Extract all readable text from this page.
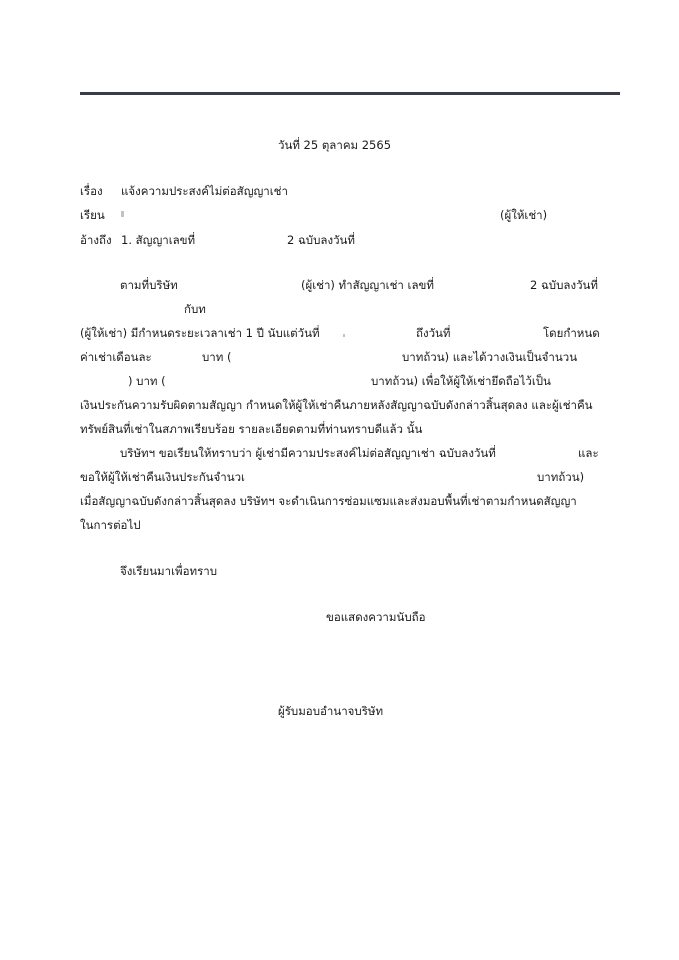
วันที่ 25 ตุลาคม 2565
เรื่อง แจ้งความประสงค์ไม่ต่อสัญญาเช่า
เรียน	(ผู้ให้เช่า)
อ้างถึง 1. สัญญาเลขที่	2 ฉบับลงวันที่
ตามที่บริษัท	(ผู้เช่า) ทำสัญญาเช่า เลขที่	2 ฉบับลงวันที่
กับท
(ผู้ให้เช่า) มีกำหนดระยะเวลาเช่า 1 ปี นับแต่วันที่	ถึงวันที่	โดยกำหนด
ค่าเช่าเดือนละ	บาท (	บาทถ้วน) และได้วางเงินเป็นจำนวน
) บาท (	บาทถ้วน) เพื่อให้ผู้ให้เช่ายึดถือไว้เป็น
เงินประกันความรับผิดตามสัญญา กำหนดให้ผู้ให้เช่าคืนภายหลังสัญญาฉบับดังกล่าวสิ้นสุดลง และผู้เช่าคืน
ทรัพย์สินที่เช่าในสภาพเรียบร้อย รายละเอียดตามที่ท่านทราบดีแล้ว นั้น
บริษัทฯ ขอเรียนให้ทราบว่า ผู้เช่ามีความประสงค์ไม่ต่อสัญญาเช่า ฉบับลงวันที่	และ
ขอให้ผู้ให้เช่าคืนเงินประกันจำนวเ	บาทถ้วน)
เมื่อสัญญาฉบับดังกล่าวสิ้นสุดลง บริษัทฯ จะดำเนินการซ่อมแซมและส่งมอบพื้นที่เช่าตามกำหนดสัญญา
ในการต่อไป
จึงเรียนมาเพื่อทราบ
ขอแสดงความนับถือ
ผู้รับมอบอำนาจบริษัท
